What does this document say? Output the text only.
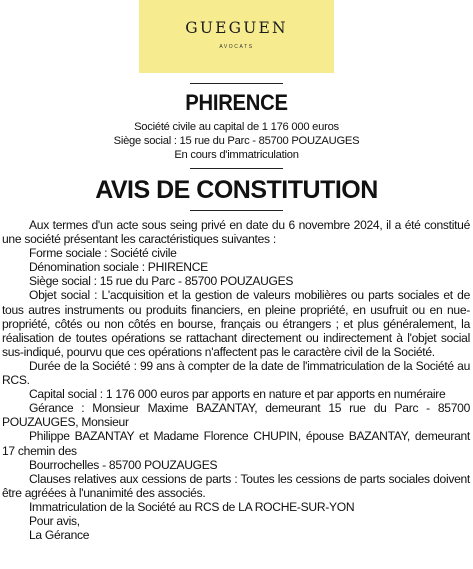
GUEGUEN
AVOCATS
PHIRENCE
Société civile au capital de 1 176 000 euros
Siège social : 15 rue du Parc - 85700 POUZAUGES
En cours d'immatriculation
AVIS DE CONSTITUTION

Aux termes d'un acte sous seing privé en date du 6 novembre 2024, il a été constitué une société présentant les caractéristiques suivantes :

Forme sociale : Société civile

Dénomination sociale : PHIRENCE

Siège social : 15 rue du Parc - 85700 POUZAUGES

Objet social : L'acquisition et la gestion de valeurs mobilières ou parts sociales et de tous autres instruments ou produits financiers, en pleine propriété, en usufruit ou en nue-propriété, côtés ou non côtés en bourse, français ou étrangers ; et plus généralement, la réalisation de toutes opérations se rattachant directement ou indirectement à l'objet social sus-indiqué, pourvu que ces opérations n'affectent pas le caractère civil de la Société.

Durée de la Société : 99 ans à compter de la date de l'immatriculation de la Société au RCS.

Capital social : 1 176 000 euros par apports en nature et par apports en numéraire

Gérance : Monsieur Maxime BAZANTAY, demeurant 15 rue du Parc - 85700 POUZAUGES, Monsieur

Philippe BAZANTAY et Madame Florence CHUPIN, épouse BAZANTAY, demeurant 17 chemin des

Bourrochelles - 85700 POUZAUGES

Clauses relatives aux cessions de parts : Toutes les cessions de parts sociales doivent être agréées à l'unanimité des associés.

Immatriculation de la Société au RCS de LA ROCHE-SUR-YON

Pour avis,

La Gérance
